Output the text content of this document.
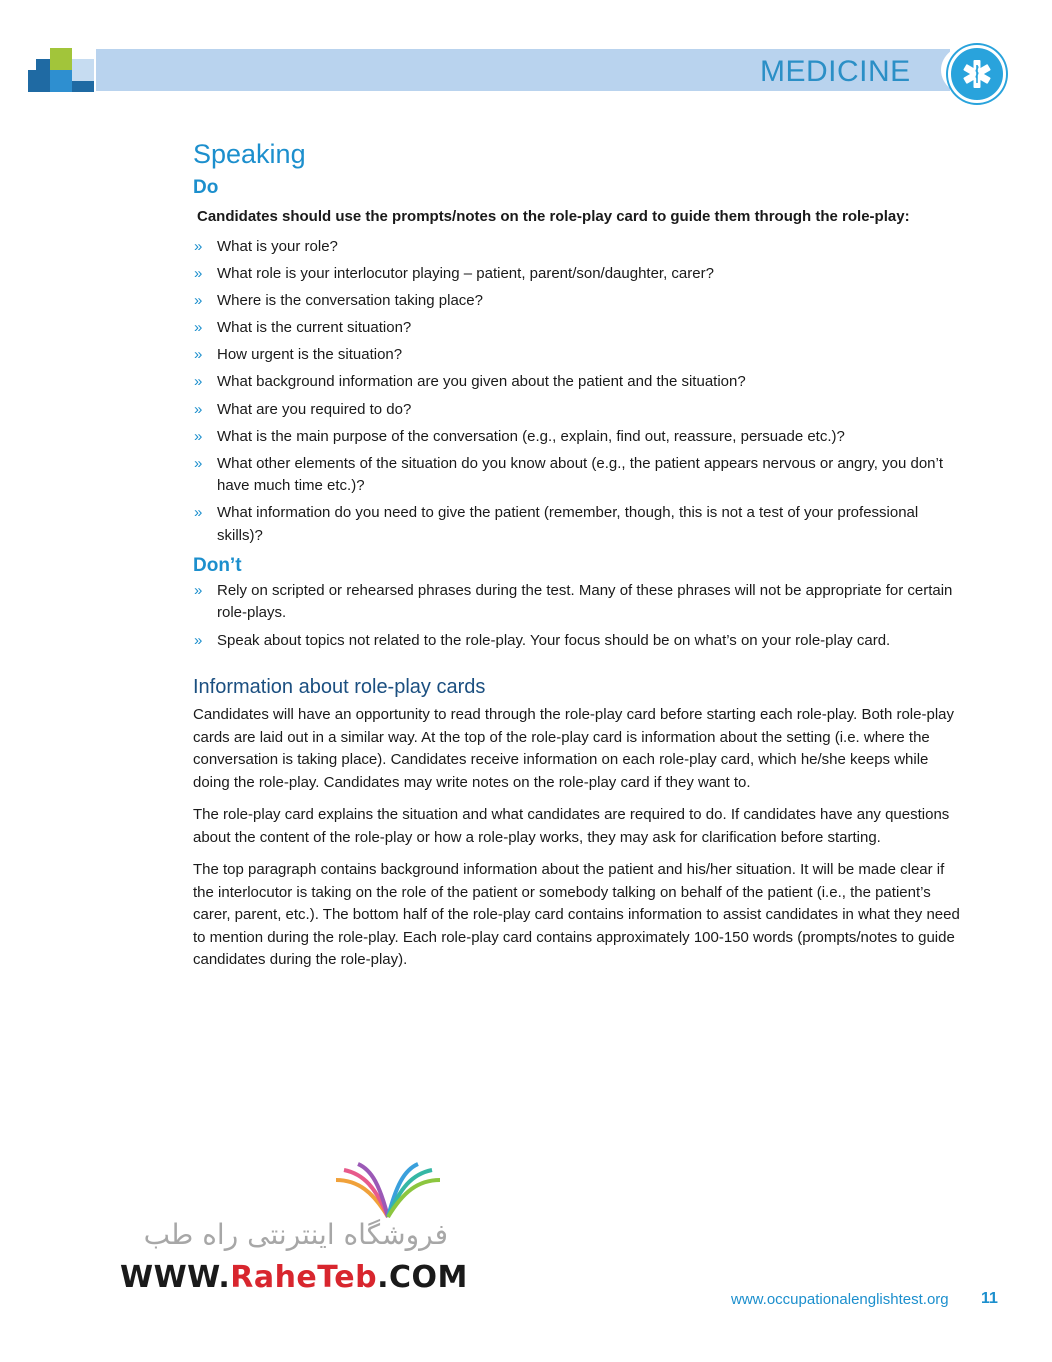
MEDICINE
Speaking
Do
Candidates should use the prompts/notes on the role-play card to guide them through the role-play:
» What is your role?
» What role is your interlocutor playing – patient, parent/son/daughter, carer?
» Where is the conversation taking place?
» What is the current situation?
» How urgent is the situation?
» What background information are you given about the patient and the situation?
» What are you required to do?
» What is the main purpose of the conversation (e.g., explain, find out, reassure, persuade etc.)?
» What other elements of the situation do you know about (e.g., the patient appears nervous or angry, you don’t have much time etc.)?
» What information do you need to give the patient (remember, though, this is not a test of your professional skills)?
Don’t
» Rely on scripted or rehearsed phrases during the test. Many of these phrases will not be appropriate for certain role-plays.
» Speak about topics not related to the role-play. Your focus should be on what’s on your role-play card.
Information about role-play cards

Candidates will have an opportunity to read through the role-play card before starting each role-play. Both role-play cards are laid out in a similar way. At the top of the role-play card is information about the setting (i.e. where the conversation is taking place). Candidates receive information on each role-play card, which he/she keeps while doing the role-play. Candidates may write notes on the role-play card if they want to.

The role-play card explains the situation and what candidates are required to do. If candidates have any questions about the content of the role-play or how a role-play works, they may ask for clarification before starting.

The top paragraph contains background information about the patient and his/her situation. It will be made clear if the interlocutor is taking on the role of the patient or somebody talking on behalf of the patient (i.e., the patient’s carer, parent, etc.). The bottom half of the role-play card contains information to assist candidates in what they need to mention during the role-play. Each role-play card contains approximately 100-150 words (prompts/notes to guide candidates during the role-play).

فروشگاه اینترنتی راه طب
WWW.RaheTeb.COM
www.occupationalenglishtest.org 11
